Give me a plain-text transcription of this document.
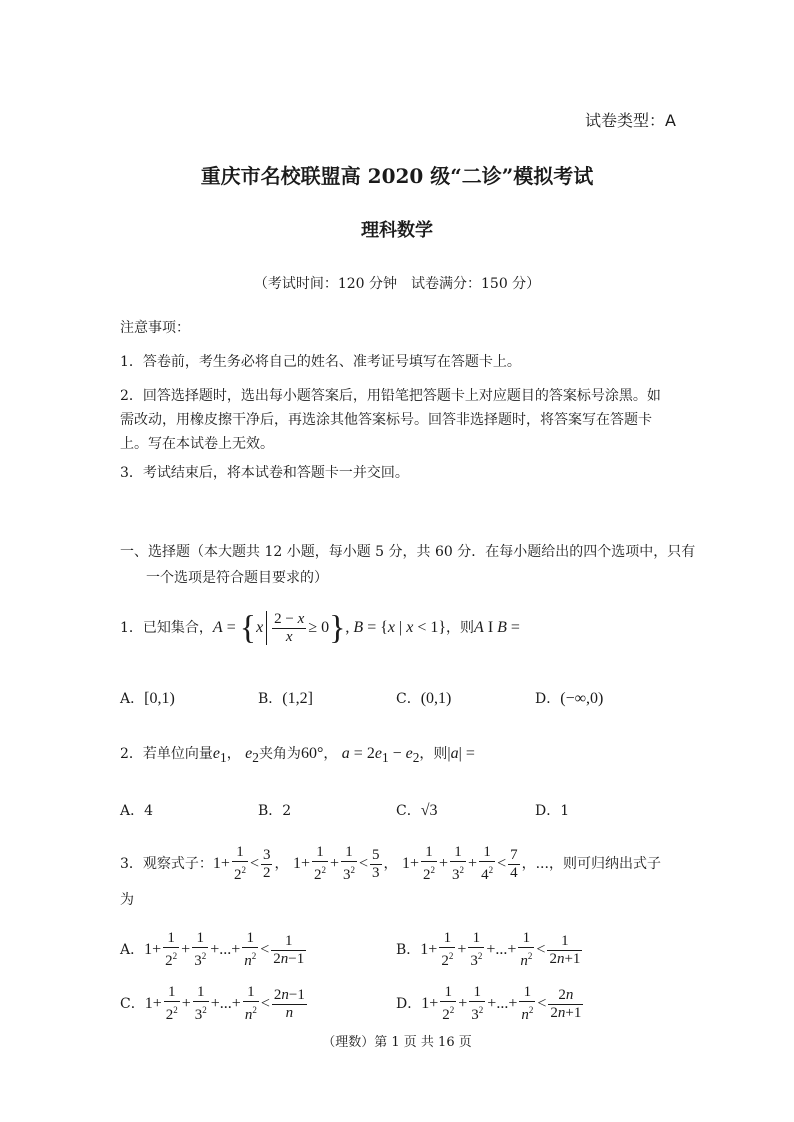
试卷类型：A
重庆市名校联盟高 2020 级“二诊”模拟考试
理科数学
（考试时间：120 分钟　试卷满分：150 分）
注意事项：
1．答卷前，考生务必将自己的姓名、准考证号填写在答题卡上。
2．回答选择题时，选出每小题答案后，用铅笔把答题卡上对应题目的答案标号涂黑。如需改动，用橡皮擦干净后，再选涂其他答案标号。回答非选择题时，将答案写在答题卡上。写在本试卷上无效。
3．考试结束后，将本试卷和答题卡一并交回。
一、选择题（本大题共 12 小题，每小题 5 分，共 60 分．在每小题给出的四个选项中，只有
一个选项是符合题目要求的）
1．已知集合，$A = \{x \frac{2 - x}{x} \ge 0\}$, B = {x | x < 1}，则A I B =
A．[0,1)	B．(1,2]	C．(0,1)	D．(−∞,0)
2．若单位向量$e_1$， $e_2$夹角为60°， $a = 2e_1 - e_2$，则|a| =
A．4	B．2	C．√3	D．1
3．观察式子：$1+ \frac{1}{2^2} < \frac{3}{2}$ ， $1+ \frac{1}{2^2} + \frac{1}{3^2} < \frac{5}{3}$ ， $1+ \frac{1}{2^2} + \frac{1}{3^2} + \frac{1}{4^2} < \frac{7}{4}$ ，...，则可归纳出式子
为
A．$1+ \frac{1}{2^2} + \frac{1}{3^2}$ +...+ $\frac{1}{n^2} < \frac{1}{2n-1}$	B．$1+ \frac{1}{2^2} + \frac{1}{3^2}$ +...+ $\frac{1}{n^2} < \frac{1}{2n+1}$
C．$1+ \frac{1}{2^2} + \frac{1}{3^2}$ +...+ $\frac{1}{n^2} < \frac{2n-1}{n}$	D．$1+ \frac{1}{2^2} + \frac{1}{3^2}$ +...+ $\frac{1}{n^2} < \frac{2n}{2n+1}$
（理数）第 1 页 共 16 页
